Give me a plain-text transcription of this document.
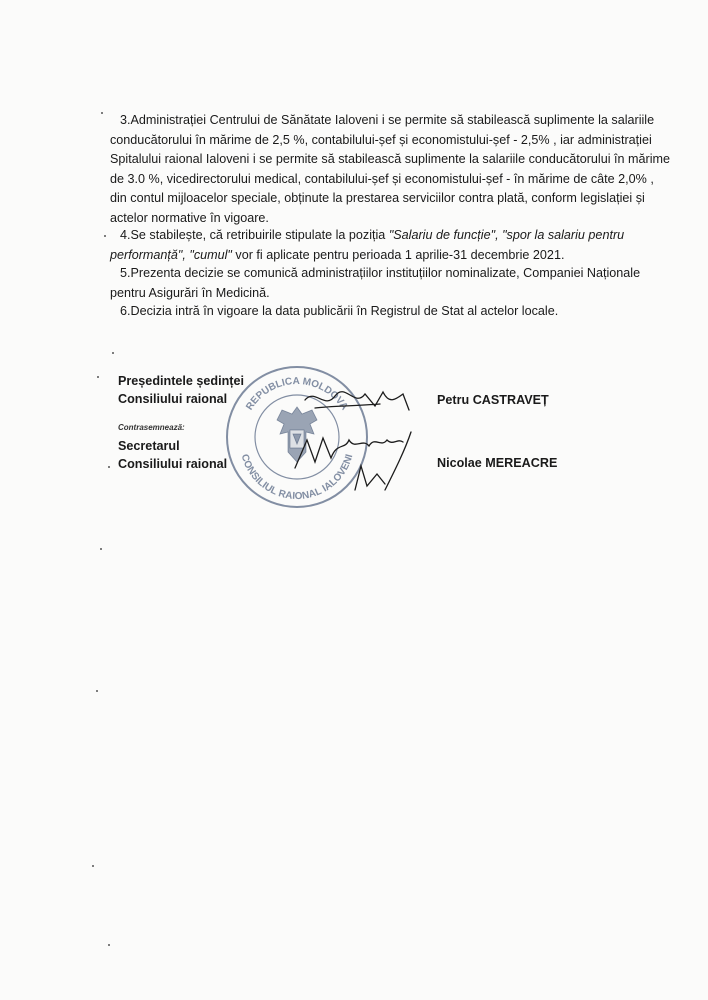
3.Administrației Centrului de Sănătate Ialoveni i se permite să stabilească suplimente la salariile conducătorului în mărime de 2,5 %, contabilului-șef și economistului-șef - 2,5% , iar administrației Spitalului raional Ialoveni i se permite să stabilească suplimente la salariile conducătorului în mărime de 3.0 %, vicedirectorului medical, contabilului-șef și economistului-șef - în mărime de câte 2,0% , din contul mijloacelor speciale, obținute la prestarea serviciilor contra plată, conform legislației și actelor normative în vigoare.

4.Se stabilește, că retribuirile stipulate la poziția "Salariu de funcție", "spor la salariu pentru performanță", "cumul" vor fi aplicate pentru perioada 1 aprilie-31 decembrie 2021.

5.Prezenta decizie se comunică administrațiilor instituțiilor nominalizate, Companiei Naționale pentru Asigurări în Medicină.

6.Decizia intră în vigoare la data publicării în Registrul de Stat al actelor locale.

REPUBLICA MOLDOVA
CONSILIUL RAIONAL IALOVENI
Președintele ședinței
Consiliului raional	Petru CASTRAVEȚ
Contrasemnează:
Secretarul
Consiliului raional	Nicolae MEREACRE
